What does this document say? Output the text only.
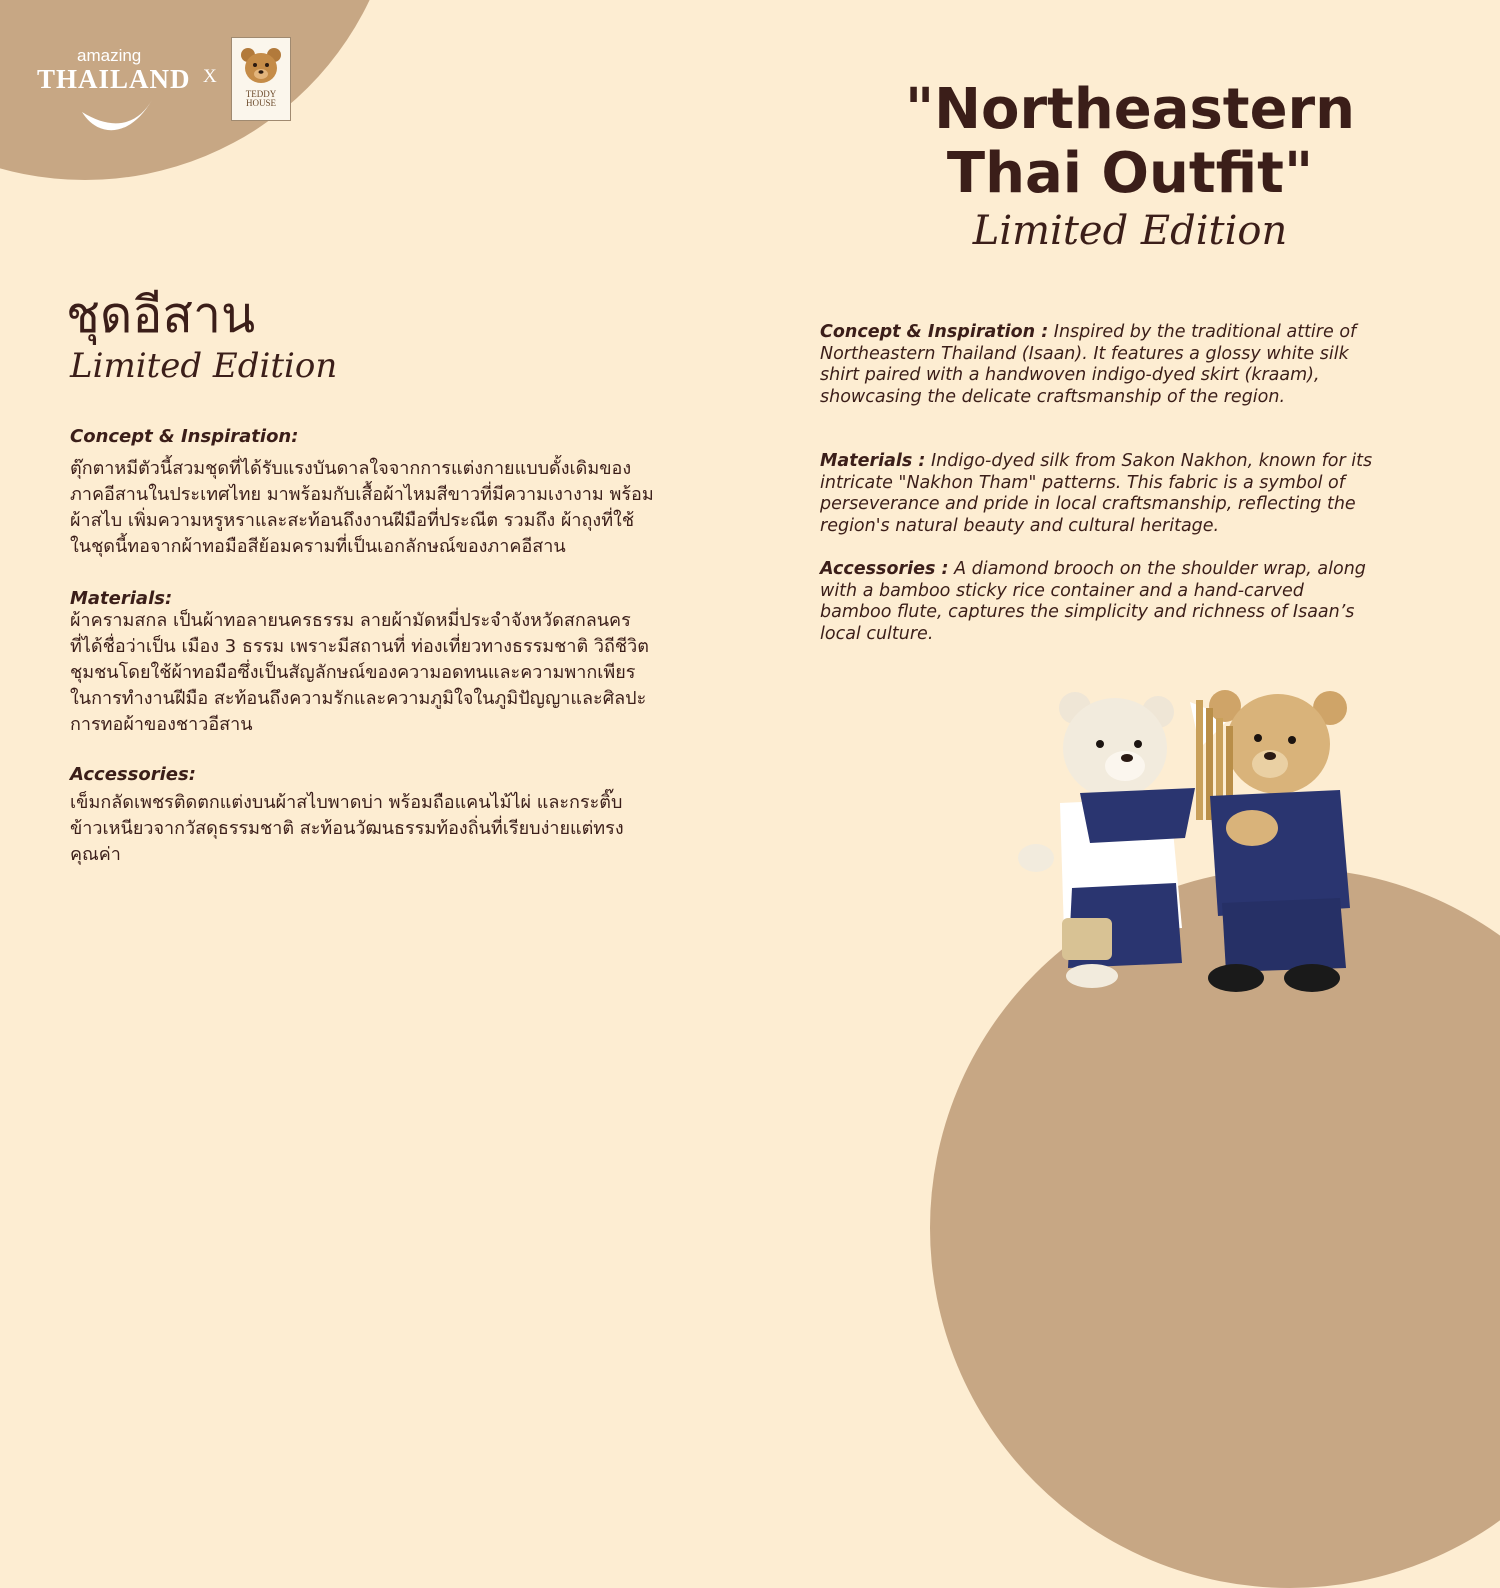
amazing
THAILAND X
TEDDY
HOUSE
ชุดอีสาน
Limited Edition
Concept & Inspiration:
ตุ๊กตาหมีตัวนี้สวมชุดที่ได้รับแรงบันดาลใจจากการแต่งกายแบบดั้งเดิมของ
ภาคอีสานในประเทศไทย มาพร้อมกับเสื้อผ้าไหมสีขาวที่มีความเงางาม พร้อม
ผ้าสไบ เพิ่มความหรูหราและสะท้อนถึงงานฝีมือที่ประณีต รวมถึง ผ้าถุงที่ใช้
ในชุดนี้ทอจากผ้าทอมือสีย้อมครามที่เป็นเอกลักษณ์ของภาคอีสาน
Materials:
ผ้าครามสกล เป็นผ้าทอลายนครธรรม ลายผ้ามัดหมี่ประจำจังหวัดสกลนคร
ที่ได้ชื่อว่าเป็น เมือง 3 ธรรม เพราะมีสถานที่ ท่องเที่ยวทางธรรมชาติ วิถีชีวิต
ชุมชนโดยใช้ผ้าทอมือซึ่งเป็นสัญลักษณ์ของความอดทนและความพากเพียร
ในการทำงานฝีมือ สะท้อนถึงความรักและความภูมิใจในภูมิปัญญาและศิลปะ
การทอผ้าของชาวอีสาน
Accessories:
เข็มกลัดเพชรติดตกแต่งบนผ้าสไบพาดบ่า พร้อมถือแคนไม้ไผ่ และกระติ๊บ
ข้าวเหนียวจากวัสดุธรรมชาติ สะท้อนวัฒนธรรมท้องถิ่นที่เรียบง่ายแต่ทรง
คุณค่า
"Northeastern
Thai Outfit"
Limited Edition
Concept & Inspiration : Inspired by the traditional attire of
Northeastern Thailand (Isaan). It features a glossy white silk
shirt paired with a handwoven indigo-dyed skirt (kraam),
showcasing the delicate craftsmanship of the region.
Materials : Indigo-dyed silk from Sakon Nakhon, known for its
intricate "Nakhon Tham" patterns. This fabric is a symbol of
perseverance and pride in local craftsmanship, reflecting the
region's natural beauty and cultural heritage.
Accessories : A diamond brooch on the shoulder wrap, along
with a bamboo sticky rice container and a hand-carved
bamboo flute, captures the simplicity and richness of Isaan’s
local culture.
